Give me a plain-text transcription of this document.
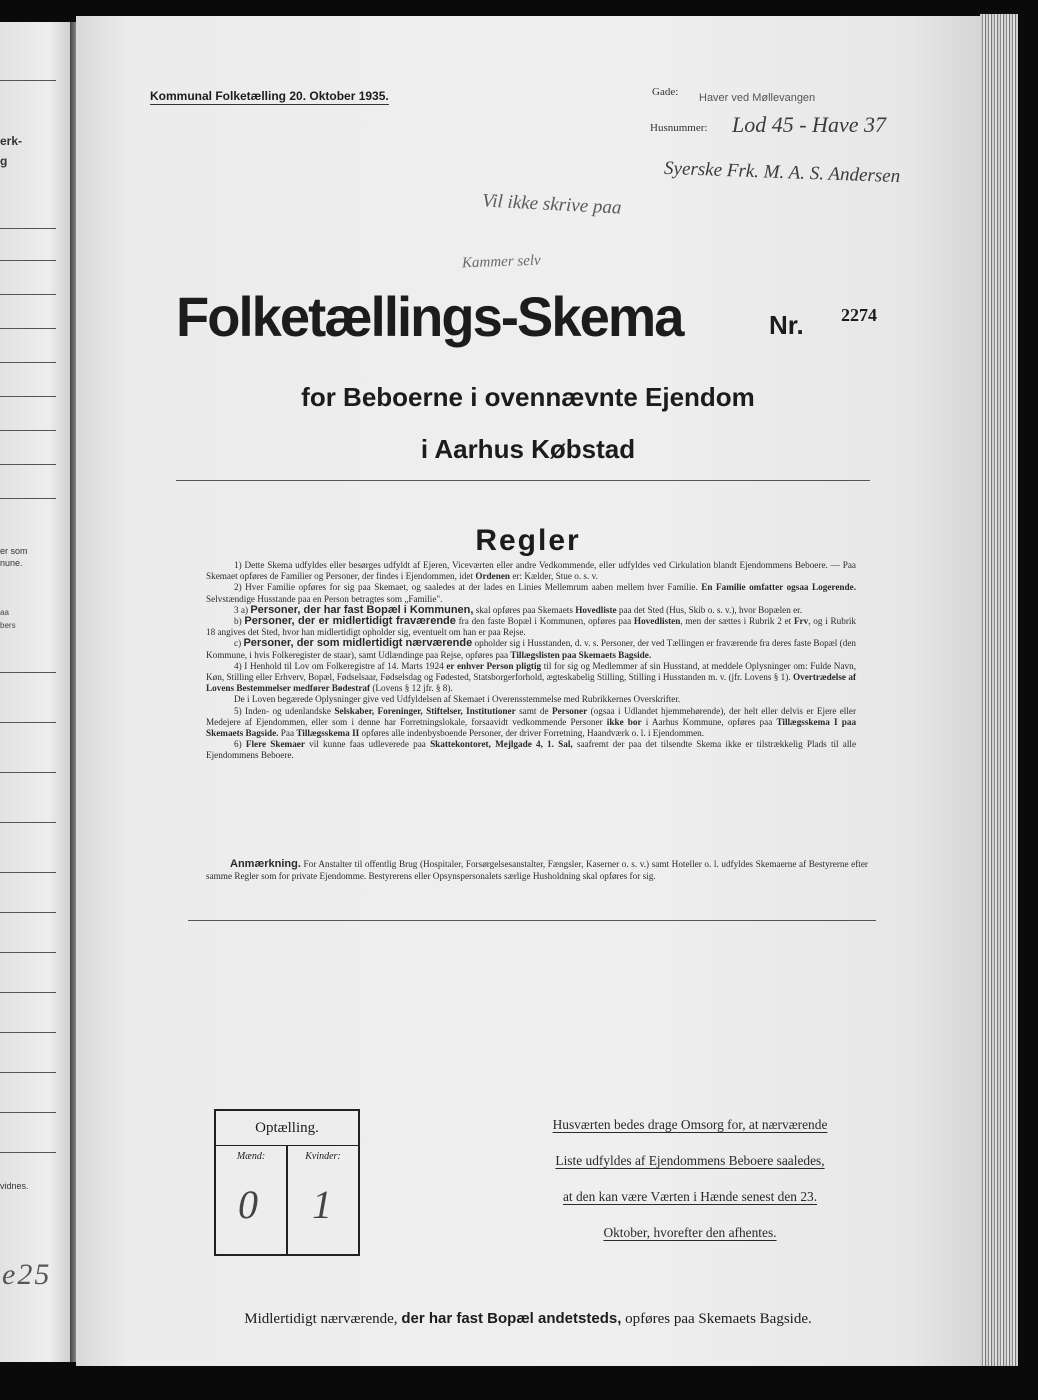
erk-
g
er som
nune.
aa
bers
vidnes.
e25
Kommunal Folketælling 20. Oktober 1935.	Gade: Haver ved Møllevangen
Husnummer: Lod 45 - Have 37
Syerske Frk. M. A. S. Andersen
Vil ikke skrive paa
Kammer selv
Folketællings-Skema	Nr. 2274
for Beboerne i ovennævnte Ejendom
i Aarhus Købstad
Regler

1) Dette Skema udfyldes eller besørges udfyldt af Ejeren, Viceværten eller andre Vedkommende, eller udfyldes ved Cirkulation blandt Ejendommens Beboere. — Paa Skemaet opføres de Familier og Personer, der findes i Ejendommen, idet Ordenen er: Kælder, Stue o. s. v.

2) Hver Familie opføres for sig paa Skemaet, og saaledes at der lades en Linies Mellemrum aaben mellem hver Familie. En Familie omfatter ogsaa Logerende. Selvstændige Husstande paa en Person betragtes som „Familie".

3 a) Personer, der har fast Bopæl i Kommunen, skal opføres paa Skemaets Hovedliste paa det Sted (Hus, Skib o. s. v.), hvor Bopælen er.

b) Personer, der er midlertidigt fraværende fra den faste Bopæl i Kommunen, opføres paa Hovedlisten, men der sættes i Rubrik 2 et Frv, og i Rubrik 18 angives det Sted, hvor han midlertidigt opholder sig, eventuelt om han er paa Rejse.

c) Personer, der som midlertidigt nærværende opholder sig i Husstanden, d. v. s. Personer, der ved Tællingen er fraværende fra deres faste Bopæl (den Kommune, i hvis Folkeregister de staar), samt Udlændinge paa Rejse, opføres paa Tillægslisten paa Skemaets Bagside.

4) I Henhold til Lov om Folkeregistre af 14. Marts 1924 er enhver Person pligtig til for sig og Medlemmer af sin Husstand, at meddele Oplysninger om: Fulde Navn, Køn, Stilling eller Erhverv, Bopæl, Fødselsaar, Fødselsdag og Fødested, Statsborgerforhold, ægteskabelig Stilling, Stilling i Husstanden m. v. (jfr. Lovens § 1). Overtrædelse af Lovens Bestemmelser medfører Bødestraf (Lovens § 12 jfr. § 8).

De i Loven begærede Oplysninger give ved Udfyldelsen af Skemaet i Overensstemmelse med Rubrikkernes Overskrifter.

5) Inden- og udenlandske Selskaber, Foreninger, Stiftelser, Institutioner samt de Personer (ogsaa i Udlandet hjemmehørende), der helt eller delvis er Ejere eller Medejere af Ejendommen, eller som i denne har Forretningslokale, forsaavidt vedkommende Personer ikke bor i Aarhus Kommune, opføres paa Tillægsskema I paa Skemaets Bagside. Paa Tillægsskema II opføres alle indenbysboende Personer, der driver Forretning, Haandværk o. l. i Ejendommen.

6) Flere Skemaer vil kunne faas udleverede paa Skattekontoret, Mejlgade 4, 1. Sal, saafremt der paa det tilsendte Skema ikke er tilstrækkelig Plads til alle Ejendommens Beboere.

Anmærkning. For Anstalter til offentlig Brug (Hospitaler, Forsørgelsesanstalter, Fængsler, Kaserner o. s. v.) samt Hoteller o. l. udfyldes Skemaerne af Bestyrerne efter samme Regler som for private Ejendomme. Bestyrerens eller Opsynspersonalets særlige Husholdning skal opføres for sig.
Optælling.
Mænd:	Kvinder:
0 1
Husværten bedes drage Omsorg for, at nærværende
Liste udfyldes af Ejendommens Beboere saaledes,
at den kan være Værten i Hænde senest den 23.
Oktober, hvorefter den afhentes.
Midlertidigt nærværende, der har fast Bopæl andetsteds, opføres paa Skemaets Bagside.
